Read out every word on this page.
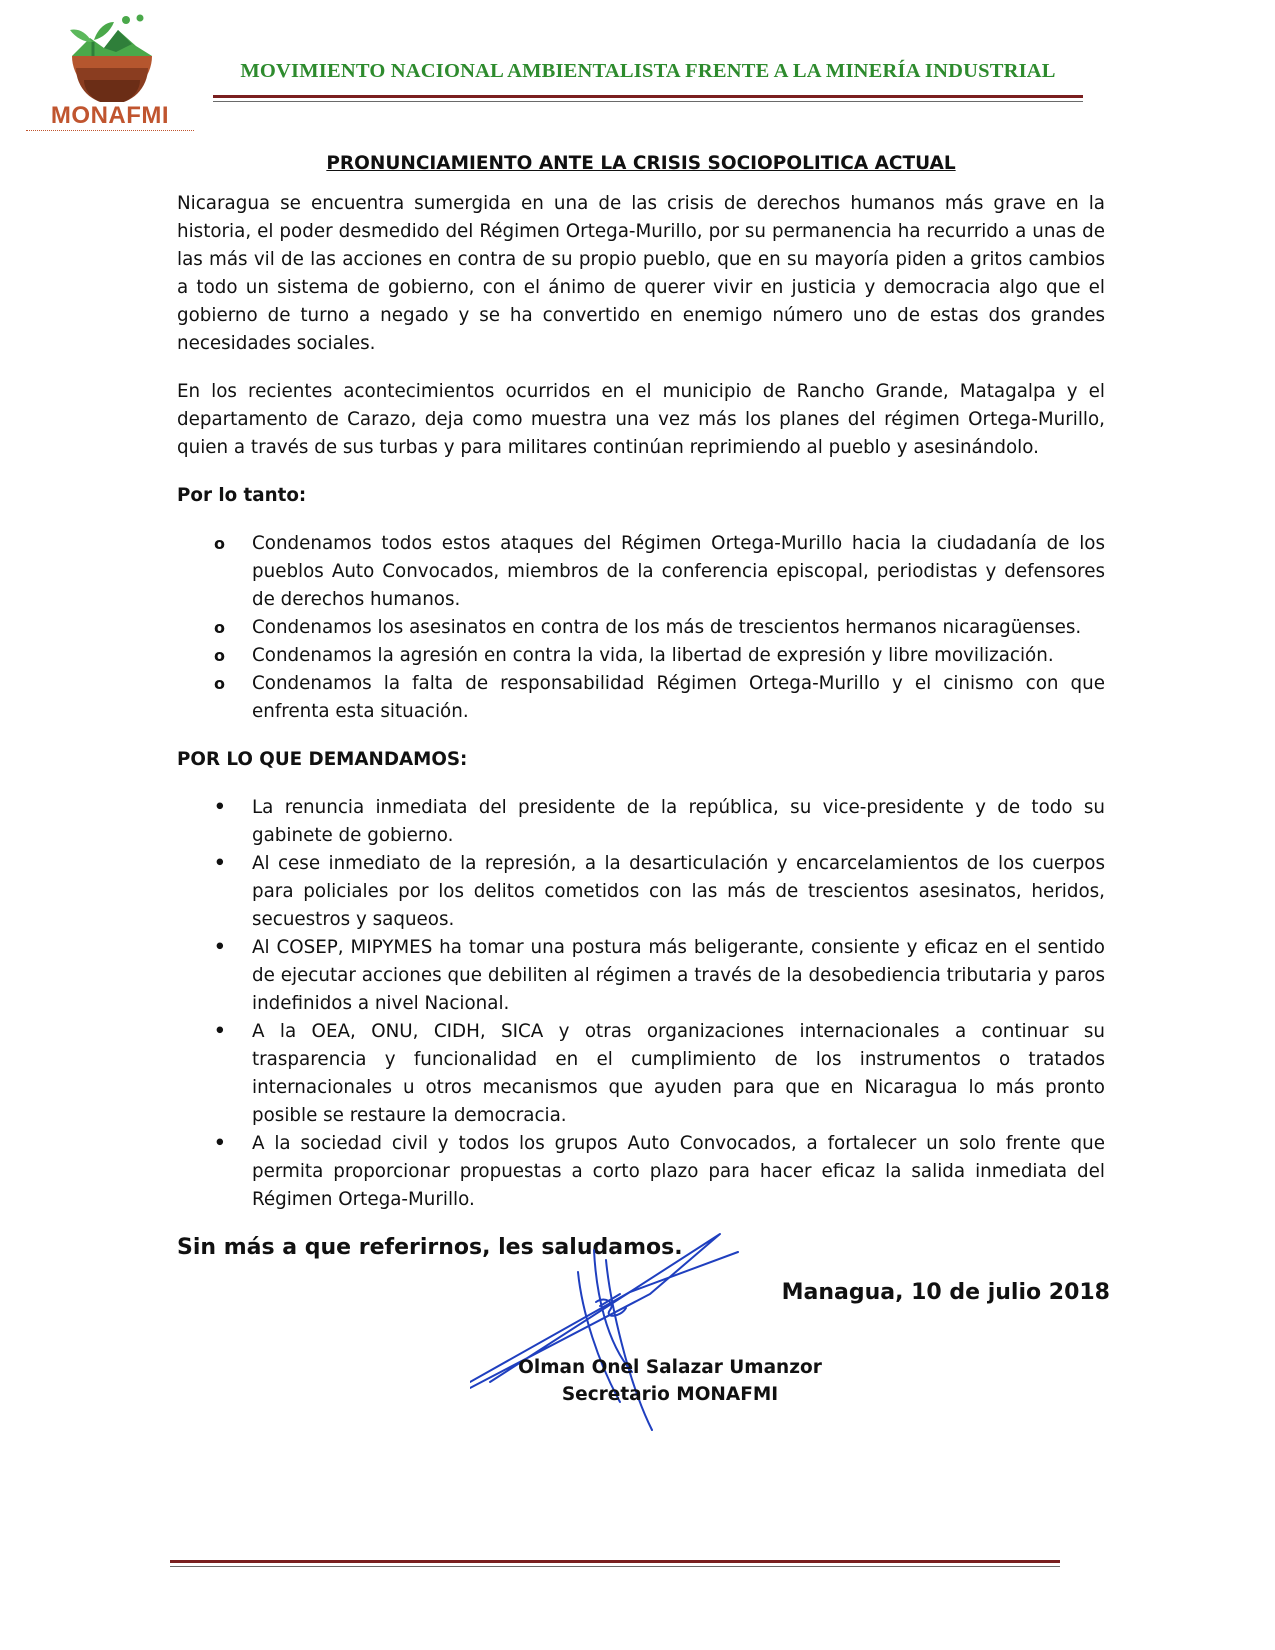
MONAFMI
MOVIMIENTO NACIONAL AMBIENTALISTA FRENTE A LA MINERÍA INDUSTRIAL

PRONUNCIAMIENTO ANTE LA CRISIS SOCIOPOLITICA ACTUAL

Nicaragua se encuentra sumergida en una de las crisis de derechos humanos más grave en la historia, el poder desmedido del Régimen Ortega-Murillo, por su permanencia ha recurrido a unas de las más vil de las acciones en contra de su propio pueblo, que en su mayoría piden a gritos cambios a todo un sistema de gobierno, con el ánimo de querer vivir en justicia y democracia algo que el gobierno de turno a negado y se ha convertido en enemigo número uno de estas dos grandes necesidades sociales.

En los recientes acontecimientos ocurridos en el municipio de Rancho Grande, Matagalpa y el departamento de Carazo, deja como muestra una vez más los planes del régimen Ortega-Murillo, quien a través de sus turbas y para militares continúan reprimiendo al pueblo y asesinándolo.

Por lo tanto:

o Condenamos todos estos ataques del Régimen Ortega-Murillo hacia la ciudadanía de los pueblos Auto Convocados, miembros de la conferencia episcopal, periodistas y defensores de derechos humanos.
o Condenamos los asesinatos en contra de los más de trescientos hermanos nicaragüenses.
o Condenamos la agresión en contra la vida, la libertad de expresión y libre movilización.
o Condenamos la falta de responsabilidad Régimen Ortega-Murillo y el cinismo con que enfrenta esta situación.

POR LO QUE DEMANDAMOS:

• La renuncia inmediata del presidente de la república, su vice-presidente y de todo su gabinete de gobierno.
• Al cese inmediato de la represión, a la desarticulación y encarcelamientos de los cuerpos para policiales por los delitos cometidos con las más de trescientos asesinatos, heridos, secuestros y saqueos.
• Al COSEP, MIPYMES ha tomar una postura más beligerante, consiente y eficaz en el sentido de ejecutar acciones que debiliten al régimen a través de la desobediencia tributaria y paros indefinidos a nivel Nacional.
• A la OEA, ONU, CIDH, SICA y otras organizaciones internacionales a continuar su trasparencia y funcionalidad en el cumplimiento de los instrumentos o tratados internacionales u otros mecanismos que ayuden para que en Nicaragua lo más pronto posible se restaure la democracia.
• A la sociedad civil y todos los grupos Auto Convocados, a fortalecer un solo frente que permita proporcionar propuestas a corto plazo para hacer eficaz la salida inmediata del Régimen Ortega-Murillo.

Sin más a que referirnos, les saludamos.

Managua, 10 de julio 2018
Olman Onel Salazar Umanzor
Secretario MONAFMI
